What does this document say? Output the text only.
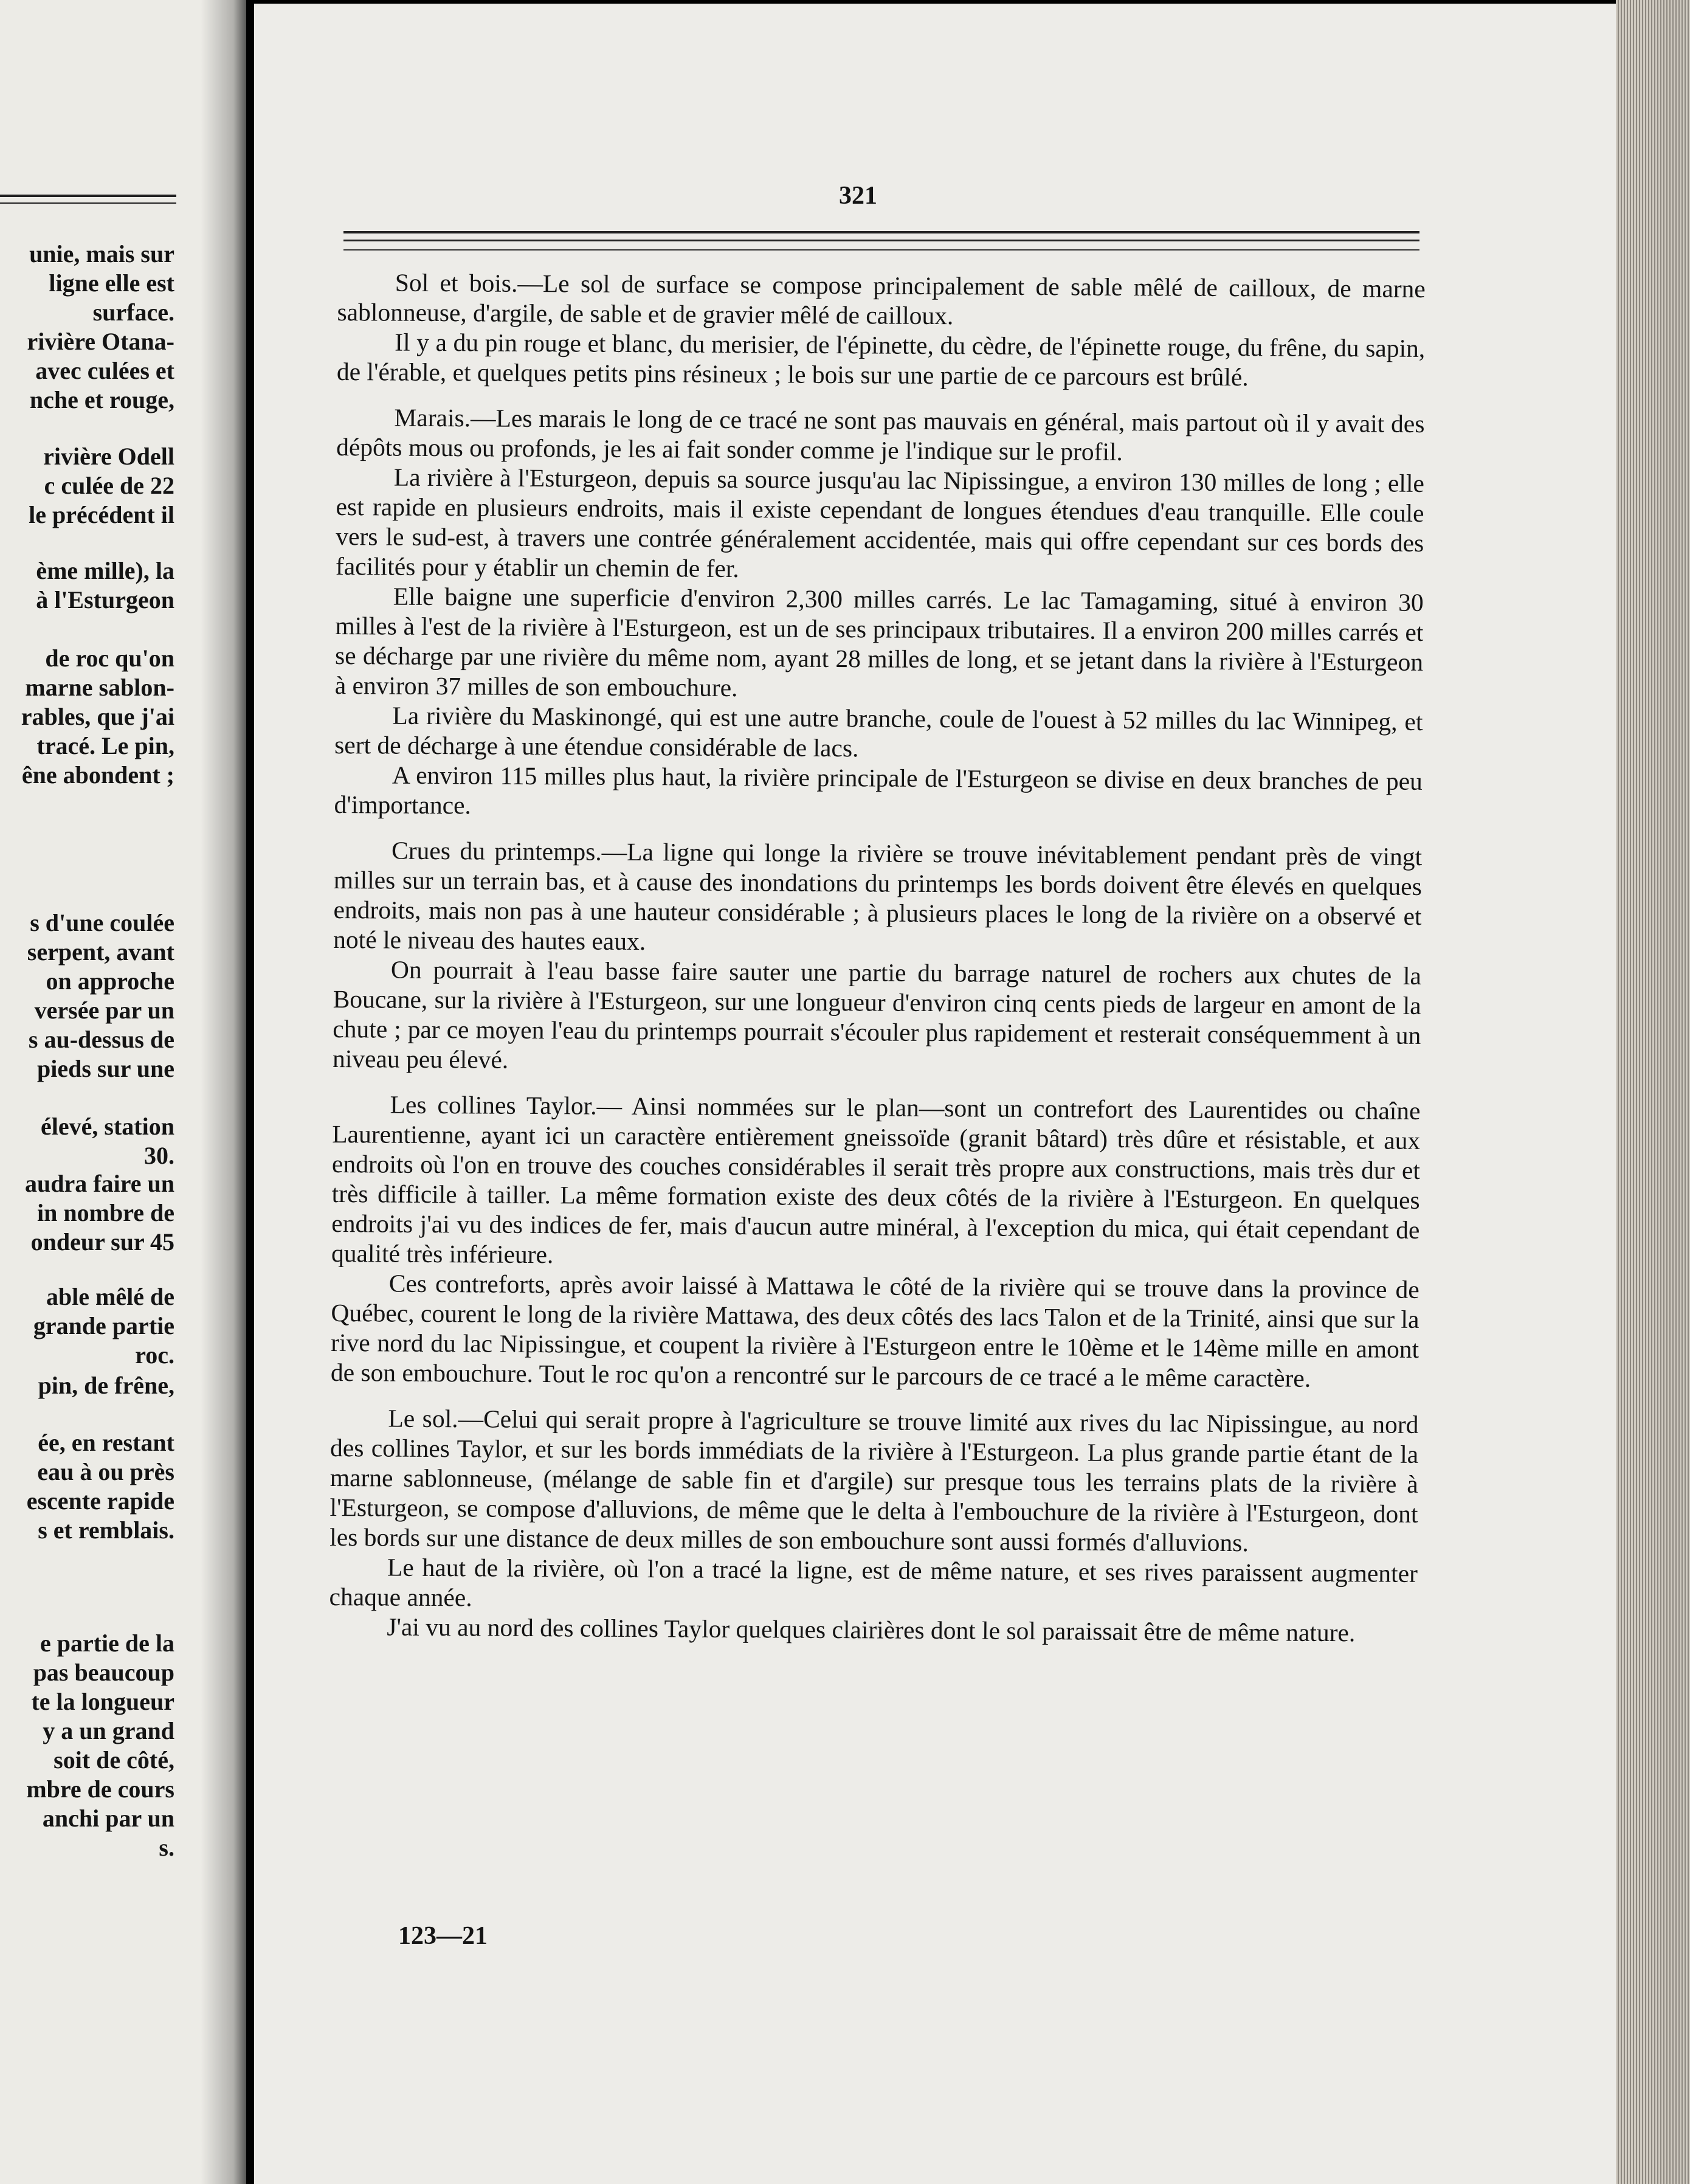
unie, mais sur
ligne elle est
surface.
rivière Otana-
avec culées et
nche et rouge,
rivière Odell
c culée de 22
le précédent il
ème mille), la
à l'Esturgeon
de roc qu'on
marne sablon-
rables, que j'ai
tracé. Le pin,
êne abondent ;
s d'une coulée
serpent, avant
on approche
versée par un
s au-dessus de
pieds sur une
élevé, station
30.
audra faire un
in nombre de
ondeur sur 45
able mêlé de
grande partie
roc.
pin, de frêne,
ée, en restant
eau à ou près
escente rapide
s et remblais.
e partie de la
pas beaucoup
te la longueur
y a un grand
soit de côté,
mbre de cours
anchi par un
s.
321

Sol et bois.—Le sol de surface se compose principalement de sable mêlé de cailloux, de marne sablonneuse, d'argile, de sable et de gravier mêlé de cailloux.

Il y a du pin rouge et blanc, du merisier, de l'épinette, du cèdre, de l'épinette rouge, du frêne, du sapin, de l'érable, et quelques petits pins résineux ; le bois sur une partie de ce parcours est brûlé.

Marais.—Les marais le long de ce tracé ne sont pas mauvais en général, mais partout où il y avait des dépôts mous ou profonds, je les ai fait sonder comme je l'indique sur le profil.

La rivière à l'Esturgeon, depuis sa source jusqu'au lac Nipissingue, a environ 130 milles de long ; elle est rapide en plusieurs endroits, mais il existe cependant de longues étendues d'eau tranquille. Elle coule vers le sud-est, à travers une contrée généralement accidentée, mais qui offre cependant sur ces bords des facilités pour y établir un chemin de fer.

Elle baigne une superficie d'environ 2,300 milles carrés. Le lac Tamagaming, situé à environ 30 milles à l'est de la rivière à l'Esturgeon, est un de ses principaux tributaires. Il a environ 200 milles carrés et se décharge par une rivière du même nom, ayant 28 milles de long, et se jetant dans la rivière à l'Esturgeon à environ 37 milles de son embouchure.

La rivière du Maskinongé, qui est une autre branche, coule de l'ouest à 52 milles du lac Winnipeg, et sert de décharge à une étendue considérable de lacs.

A environ 115 milles plus haut, la rivière principale de l'Esturgeon se divise en deux branches de peu d'importance.

Crues du printemps.—La ligne qui longe la rivière se trouve inévitablement pendant près de vingt milles sur un terrain bas, et à cause des inondations du printemps les bords doivent être élevés en quelques endroits, mais non pas à une hauteur considérable ; à plusieurs places le long de la rivière on a observé et noté le niveau des hautes eaux.

On pourrait à l'eau basse faire sauter une partie du barrage naturel de rochers aux chutes de la Boucane, sur la rivière à l'Esturgeon, sur une longueur d'environ cinq cents pieds de largeur en amont de la chute ; par ce moyen l'eau du printemps pourrait s'écouler plus rapidement et resterait conséquemment à un niveau peu élevé.

Les collines Taylor.— Ainsi nommées sur le plan—sont un contrefort des Laurentides ou chaîne Laurentienne, ayant ici un caractère entièrement gneissoïde (granit bâtard) très dûre et résistable, et aux endroits où l'on en trouve des couches considérables il serait très propre aux constructions, mais très dur et très difficile à tailler. La même formation existe des deux côtés de la rivière à l'Esturgeon. En quelques endroits j'ai vu des indices de fer, mais d'aucun autre minéral, à l'exception du mica, qui était cependant de qualité très inférieure.

Ces contreforts, après avoir laissé à Mattawa le côté de la rivière qui se trouve dans la province de Québec, courent le long de la rivière Mattawa, des deux côtés des lacs Talon et de la Trinité, ainsi que sur la rive nord du lac Nipissingue, et coupent la rivière à l'Esturgeon entre le 10ème et le 14ème mille en amont de son embouchure. Tout le roc qu'on a rencontré sur le parcours de ce tracé a le même caractère.

Le sol.—Celui qui serait propre à l'agriculture se trouve limité aux rives du lac Nipissingue, au nord des collines Taylor, et sur les bords immédiats de la rivière à l'Esturgeon. La plus grande partie étant de la marne sablonneuse, (mélange de sable fin et d'argile) sur presque tous les terrains plats de la rivière à l'Esturgeon, se compose d'alluvions, de même que le delta à l'embouchure de la rivière à l'Esturgeon, dont les bords sur une distance de deux milles de son embouchure sont aussi formés d'alluvions.

Le haut de la rivière, où l'on a tracé la ligne, est de même nature, et ses rives paraissent augmenter chaque année.

J'ai vu au nord des collines Taylor quelques clairières dont le sol paraissait être de même nature.

123—21
